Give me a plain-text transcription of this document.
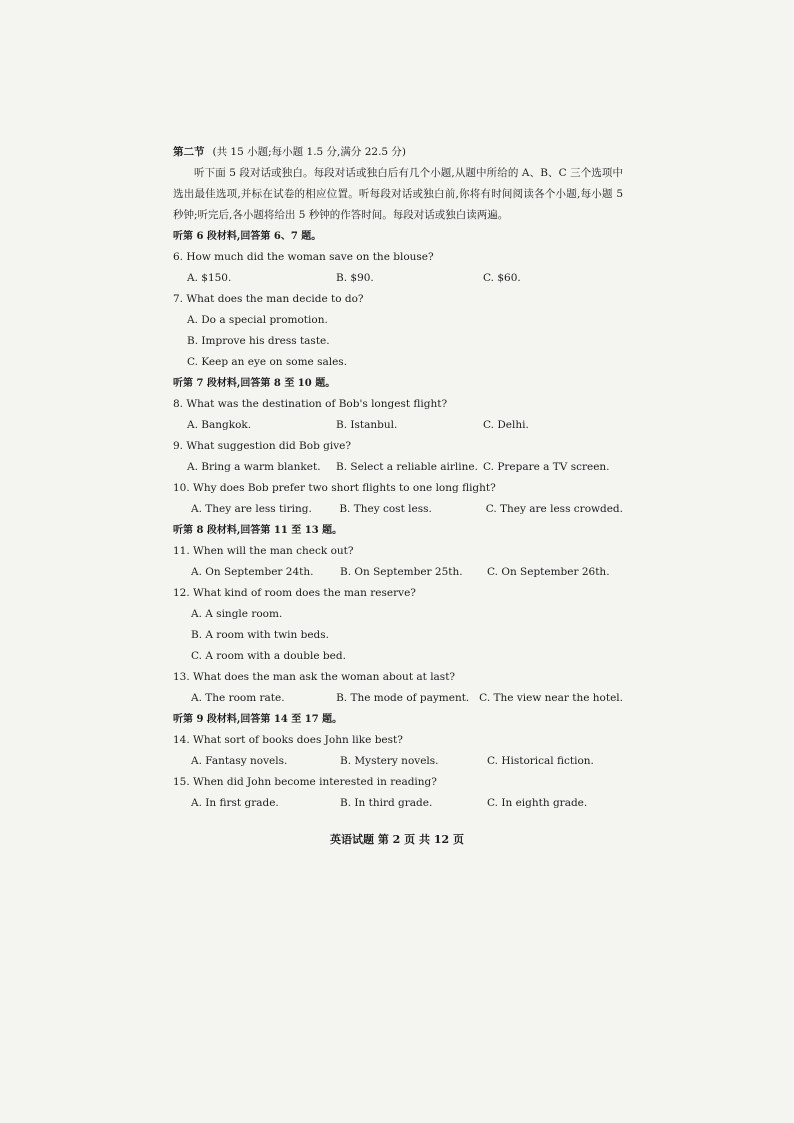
第二节 (共 15 小题;每小题 1.5 分,满分 22.5 分)
听下面 5 段对话或独白。每段对话或独白后有几个小题,从题中所给的 A、B、C 三个选项中选出最佳选项,并标在试卷的相应位置。听每段对话或独白前,你将有时间阅读各个小题,每小题 5 秒钟;听完后,各小题将给出 5 秒钟的作答时间。每段对话或独白读两遍。
听第 6 段材料,回答第 6、7 题。
6. How much did the woman save on the blouse?
A. $150.	B. $90.	C. $60.
7. What does the man decide to do?
A. Do a special promotion.
B. Improve his dress taste.
C. Keep an eye on some sales.
听第 7 段材料,回答第 8 至 10 题。
8. What was the destination of Bob's longest flight?
A. Bangkok.	B. Istanbul.	C. Delhi.
9. What suggestion did Bob give?
A. Bring a warm blanket.	B. Select a reliable airline. C. Prepare a TV screen.
10. Why does Bob prefer two short flights to one long flight?
A. They are less tiring.	B. They cost less.	C. They are less crowded.
听第 8 段材料,回答第 11 至 13 题。
11. When will the man check out?
A. On September 24th.	B. On September 25th.	C. On September 26th.
12. What kind of room does the man reserve?
A. A single room.
B. A room with twin beds.
C. A room with a double bed.
13. What does the man ask the woman about at last?
A. The room rate.	B. The mode of payment. C. The view near the hotel.
听第 9 段材料,回答第 14 至 17 题。
14. What sort of books does John like best?
A. Fantasy novels.	B. Mystery novels.	C. Historical fiction.
15. When did John become interested in reading?
A. In first grade.	B. In third grade.	C. In eighth grade.
英语试题 第 2 页 共 12 页
